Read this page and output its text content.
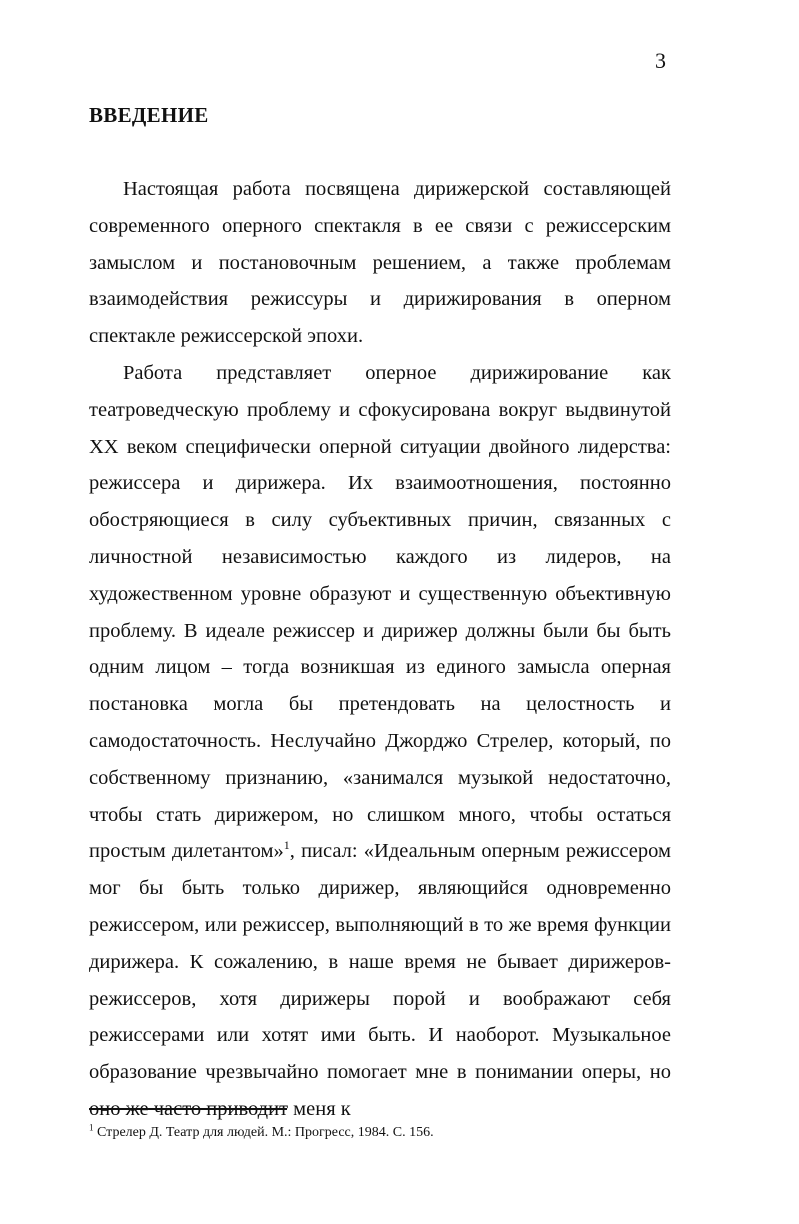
3
ВВЕДЕНИЕ

Настоящая работа посвящена дирижерской составляющей современного оперного спектакля в ее связи с режиссерским замыслом и постановочным решением, а также проблемам взаимодействия режиссуры и дирижирования в оперном спектакле режиссерской эпохи.

Работа представляет оперное дирижирование как театроведческую проблему и сфокусирована вокруг выдвинутой XX веком специфически оперной ситуации двойного лидерства: режиссера и дирижера. Их взаимоотношения, постоянно обостряющиеся в силу субъективных причин, связанных с личностной независимостью каждого из лидеров, на художественном уровне образуют и существенную объективную проблему. В идеале режиссер и дирижер должны были бы быть одним лицом – тогда возникшая из единого замысла оперная постановка могла бы претендовать на целостность и самодостаточность. Неслучайно Джорджо Стрелер, который, по собственному признанию, «занимался музыкой недостаточно, чтобы стать дирижером, но слишком много, чтобы остаться простым дилетантом»$^1$, писал: «Идеальным оперным режиссером мог бы быть только дирижер, являющийся одновременно режиссером, или режиссер, выполняющий в то же время функции дирижера. К сожалению, в наше время не бывает дирижеров-режиссеров, хотя дирижеры порой и воображают себя режиссерами или хотят ими быть. И наоборот. Музыкальное образование чрезвычайно помогает мне в понимании оперы, но оно же часто приводит меня к

$^1$ Стрелер Д. Театр для людей. М.: Прогресс, 1984. С. 156.
